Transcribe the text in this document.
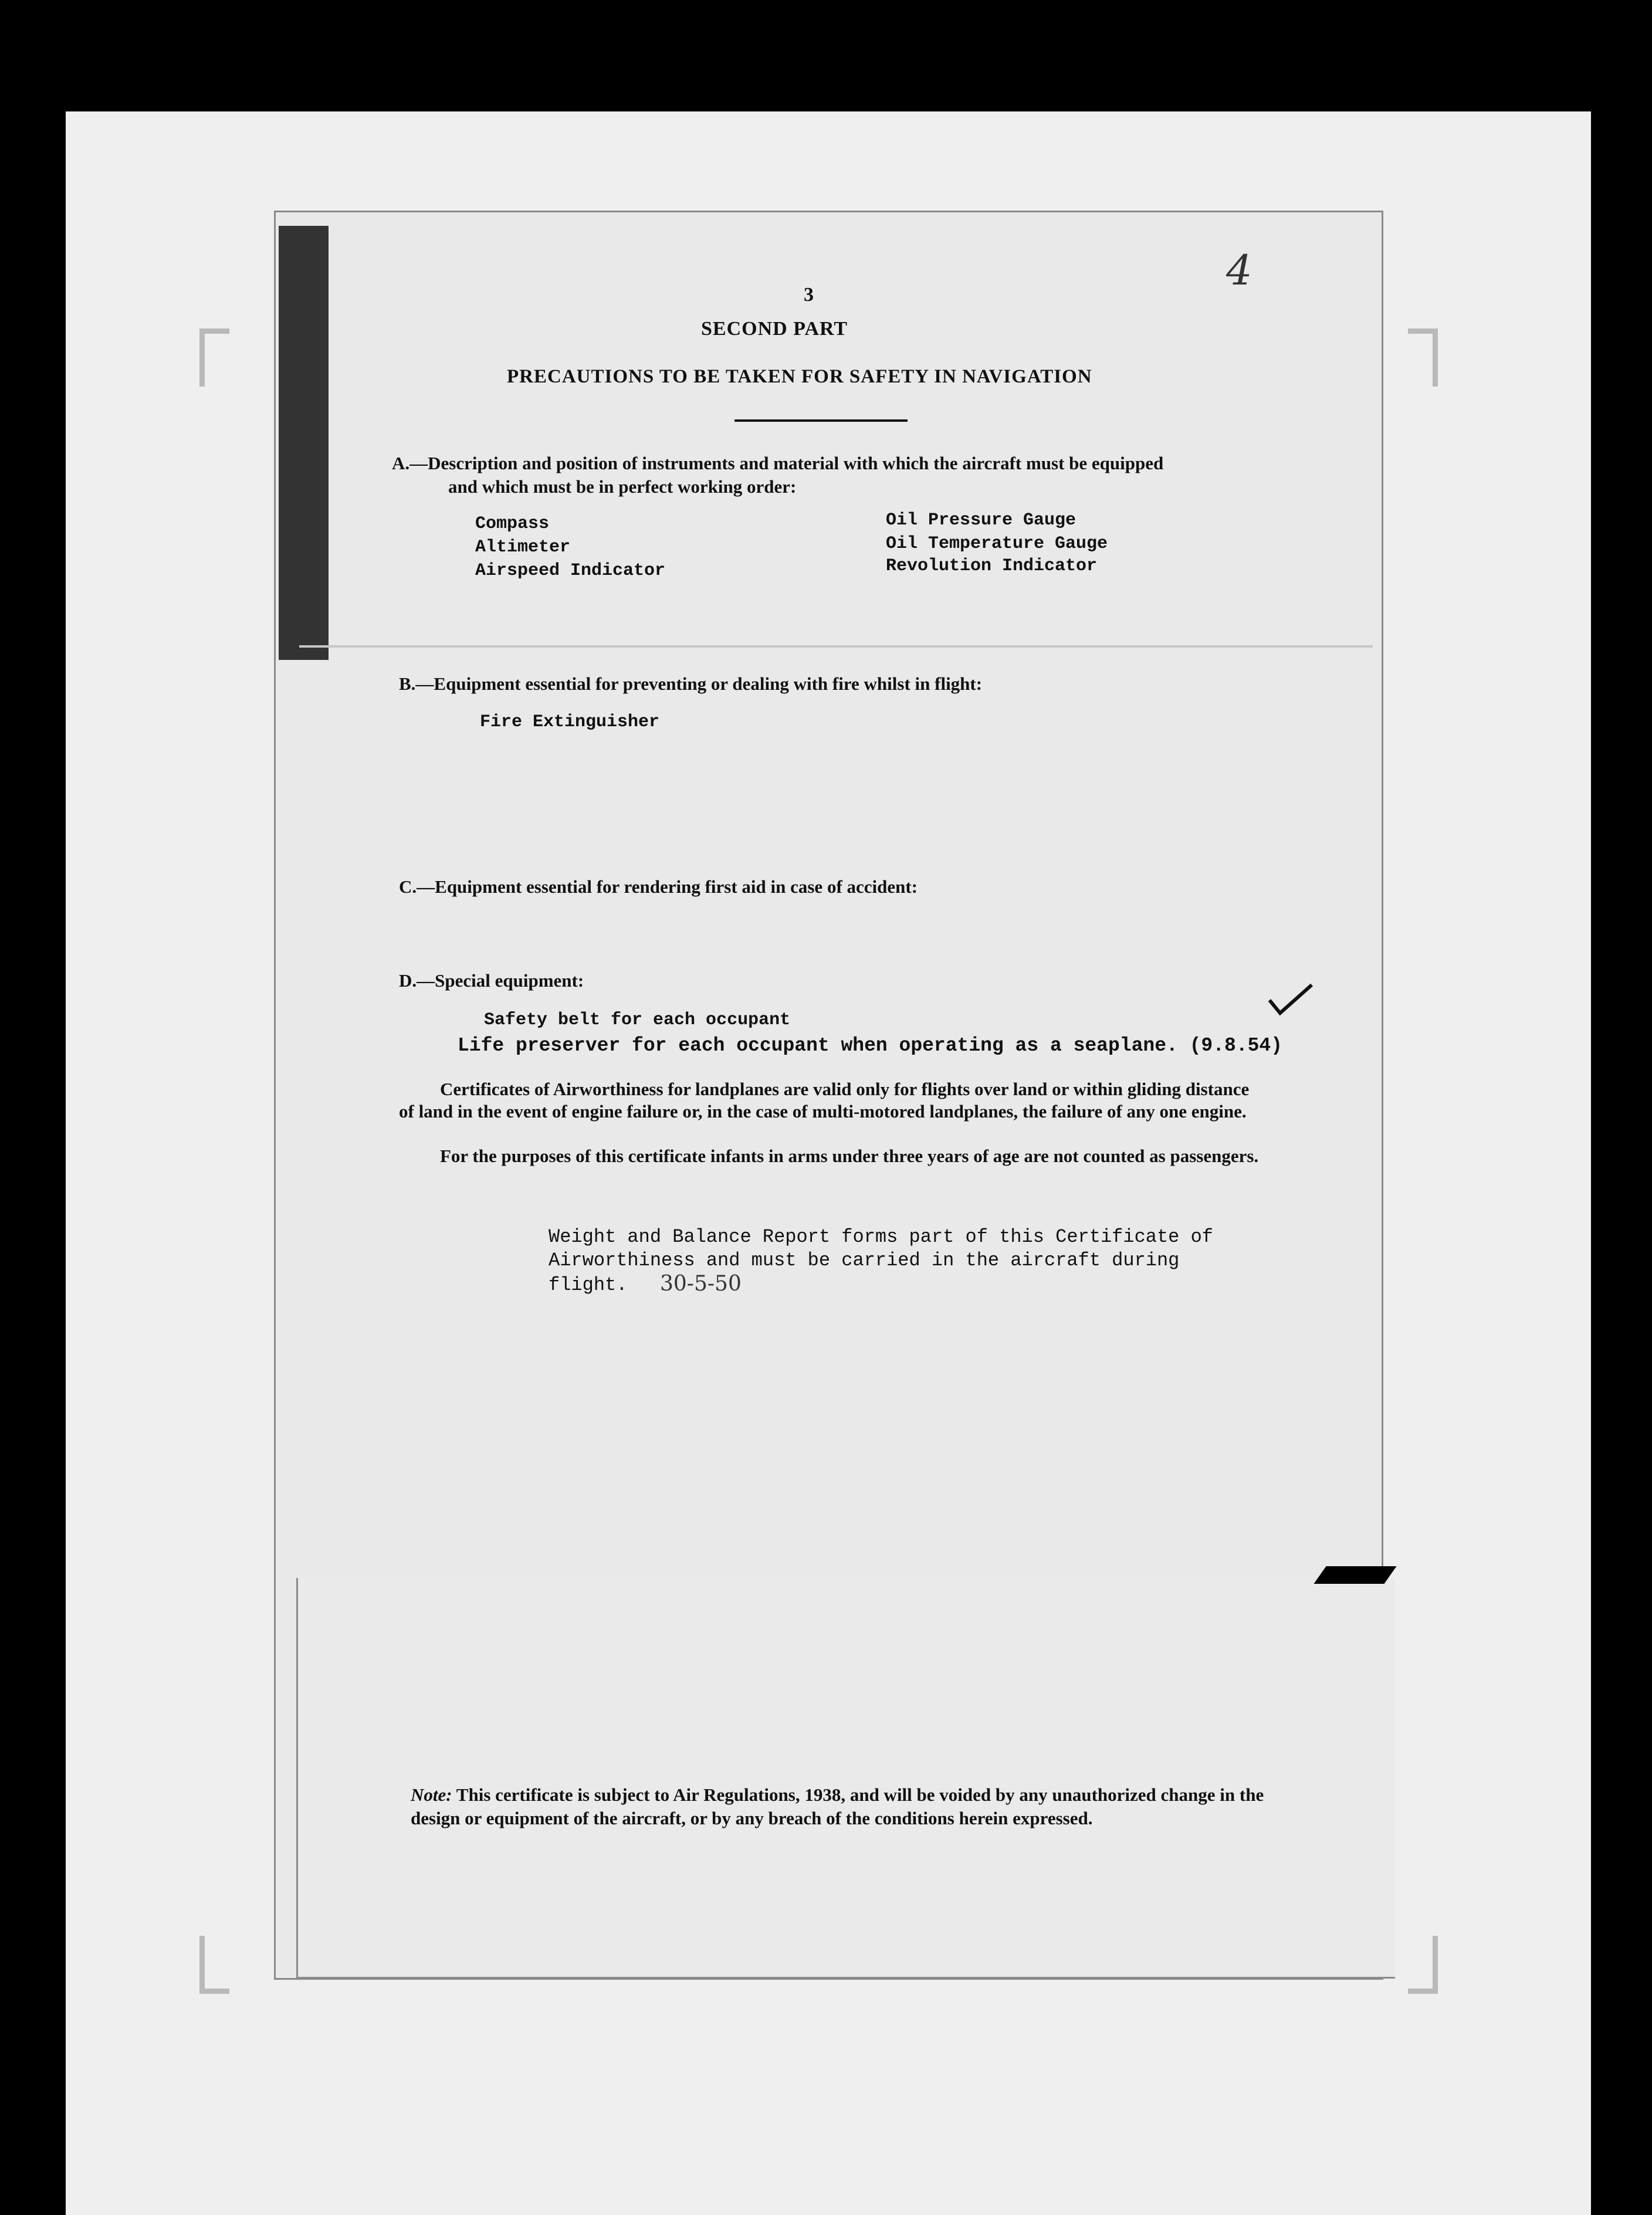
3
4
SECOND PART
PRECAUTIONS TO BE TAKEN FOR SAFETY IN NAVIGATION
A.—Description and position of instruments and material with which the aircraft must be equipped
and which must be in perfect working order:
Compass
Altimeter
Airspeed Indicator
Oil Pressure Gauge
Oil Temperature Gauge
Revolution Indicator
B.—Equipment essential for preventing or dealing with fire whilst in flight:
Fire Extinguisher
C.—Equipment essential for rendering first aid in case of accident:
D.—Special equipment:
Safety belt for each occupant
Life preserver for each occupant when operating as a seaplane. (9.8.54)
Certificates of Airworthiness for landplanes are valid only for flights over land or within gliding distance of land in the event of engine failure or, in the case of multi-motored landplanes, the failure of any one engine.
For the purposes of this certificate infants in arms under three years of age are not counted as passengers.
Weight and Balance Report forms part of this Certificate of
Airworthiness and must be carried in the aircraft during
flight. 30-5-50
Note: This certificate is subject to Air Regulations, 1938, and will be voided by any unauthorized change in the design or equipment of the aircraft, or by any breach of the conditions herein expressed.
